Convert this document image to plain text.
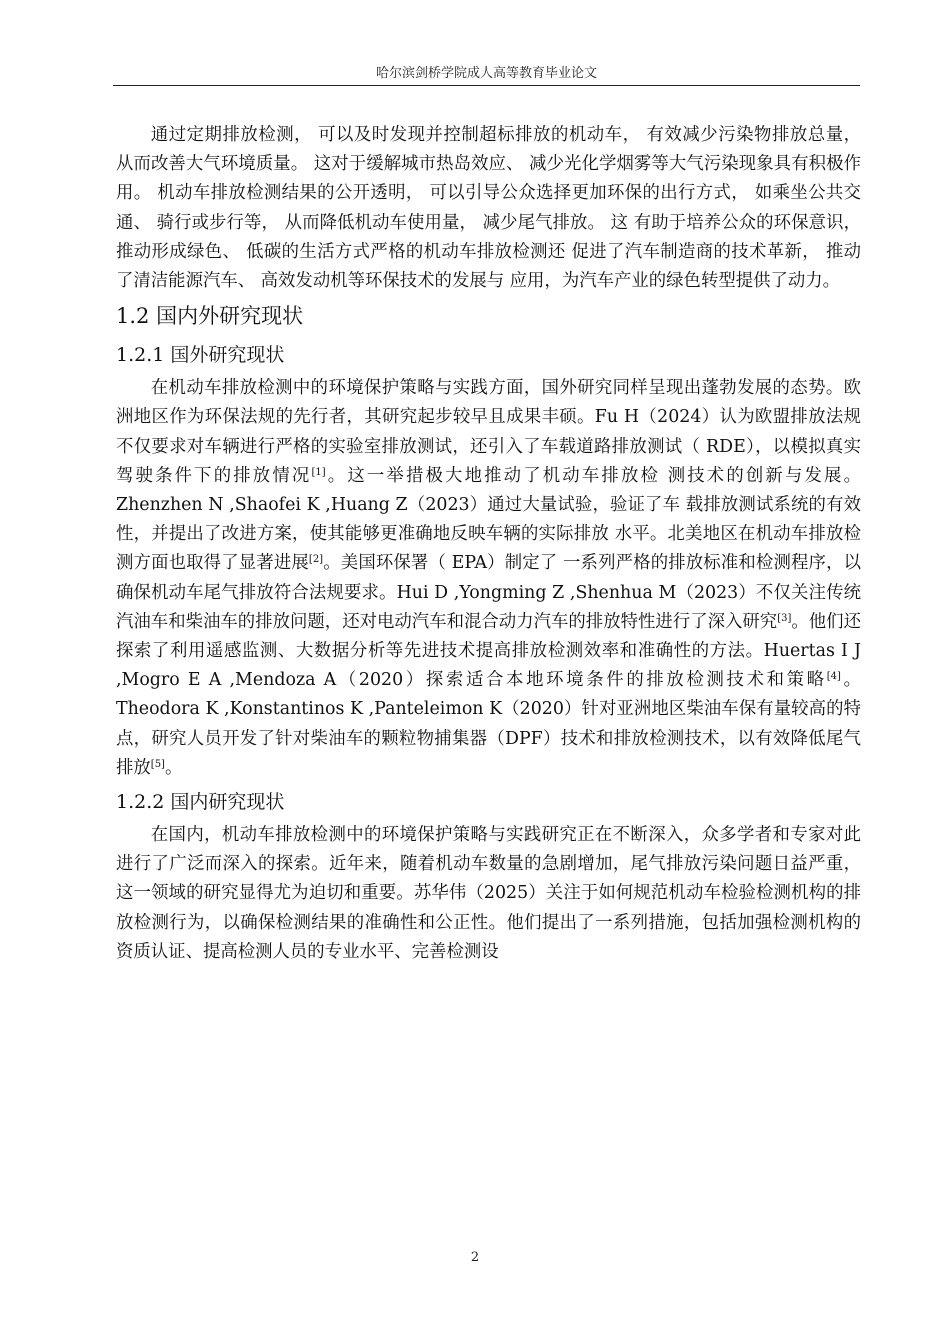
哈尔滨剑桥学院成人高等教育毕业论文

通过定期排放检测， 可以及时发现并控制超标排放的机动车， 有效减少污染物排放总量， 从而改善大气环境质量。 这对于缓解城市热岛效应、 减少光化学烟雾等大气污染现象具有积极作用。 机动车排放检测结果的公开透明， 可以引导公众选择更加环保的出行方式， 如乘坐公共交通、 骑行或步行等， 从而降低机动车使用量， 减少尾气排放。 这 有助于培养公众的环保意识， 推动形成绿色、 低碳的生活方式严格的机动车排放检测还 促进了汽车制造商的技术革新， 推动了清洁能源汽车、 高效发动机等环保技术的发展与 应用，为汽车产业的绿色转型提供了动力。

1.2 国内外研究现状
1.2.1 国外研究现状

在机动车排放检测中的环境保护策略与实践方面，国外研究同样呈现出蓬勃发展的态势。欧洲地区作为环保法规的先行者，其研究起步较早且成果丰硕。Fu H（2024）认为欧盟排放法规不仅要求对车辆进行严格的实验室排放测试，还引入了车载道路排放测试（ RDE），以模拟真实驾驶条件下的排放情况[1]。这一举措极大地推动了机动车排放检 测技术的创新与发展。Zhenzhen N ,Shaofei K ,Huang Z（2023）通过大量试验，验证了车 载排放测试系统的有效性，并提出了改进方案，使其能够更准确地反映车辆的实际排放 水平。北美地区在机动车排放检测方面也取得了显著进展[2]。美国环保署（ EPA）制定了 一系列严格的排放标准和检测程序，以确保机动车尾气排放符合法规要求。Hui D ,Yongming Z ,Shenhua M（2023）不仅关注传统汽油车和柴油车的排放问题，还对电动汽车和混合动力汽车的排放特性进行了深入研究[3]。他们还探索了利用遥感监测、大数据分析等先进技术提高排放检测效率和准确性的方法。Huertas I J ,Mogro E A ,Mendoza A（2020）探索适合本地环境条件的排放检测技术和策略[4]。Theodora K ,Konstantinos K ,Panteleimon K（2020）针对亚洲地区柴油车保有量较高的特点，研究人员开发了针对柴油车的颗粒物捕集器（DPF）技术和排放检测技术，以有效降低尾气排放[5]。

1.2.2 国内研究现状

在国内，机动车排放检测中的环境保护策略与实践研究正在不断深入，众多学者和专家对此进行了广泛而深入的探索。近年来，随着机动车数量的急剧增加，尾气排放污染问题日益严重，这一领域的研究显得尤为迫切和重要。苏华伟（2025）关注于如何规范机动车检验检测机构的排放检测行为，以确保检测结果的准确性和公正性。他们提出了一系列措施，包括加强检测机构的资质认证、提高检测人员的专业水平、完善检测设

2
